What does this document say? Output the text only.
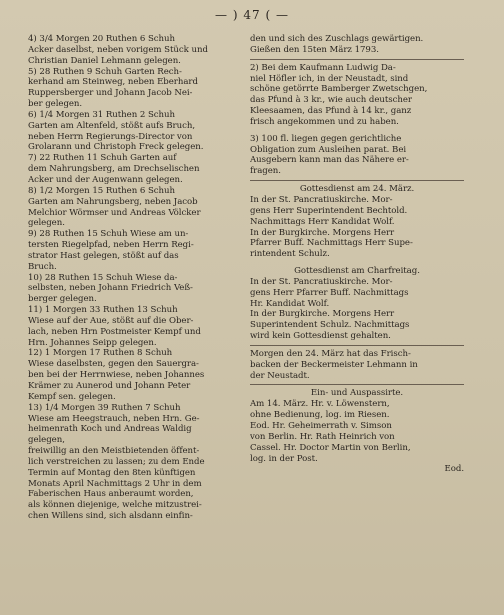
— ) 47 ( —
4) 3/4 Morgen 20 Ruthen 6 Schuh
Acker daselbst, neben vorigem Stück und
Christian Daniel Lehmann gelegen.
5) 28 Ruthen 9 Schuh Garten Rech-
kerhand am Steinweg, neben Eberhard
Ruppersberger und Johann Jacob Nei-
ber gelegen.
6) 1/4 Morgen 31 Ruthen 2 Schuh
Garten am Altenfeld, stößt aufs Bruch,
neben Herrn Regierungs-Director von
Grolarann und Christoph Freck gelegen.
7) 22 Ruthen 11 Schuh Garten auf
dem Nahrungsberg, am Drechselischen
Acker und der Augenwann gelegen.
8) 1/2 Morgen 15 Ruthen 6 Schuh
Garten am Nahrungsberg, neben Jacob
Melchior Wörmser und Andreas Völcker
gelegen.
9) 28 Ruthen 15 Schuh Wiese am un-
tersten Riegelpfad, neben Herrn Regi-
strator Hast gelegen, stößt auf das
Bruch.
10) 28 Ruthen 15 Schuh Wiese da-
selbsten, neben Johann Friedrich Veß-
berger gelegen.
11) 1 Morgen 33 Ruthen 13 Schuh
Wiese auf der Aue, stößt auf die Ober-
lach, neben Hrn Postmeister Kempf und
Hrn. Johannes Seipp gelegen.
12) 1 Morgen 17 Ruthen 8 Schuh
Wiese daselbsten, gegen den Sauergra-
ben bei der Herrnwiese, neben Johannes
Krämer zu Aunerod und Johann Peter
Kempf sen. gelegen.
13) 1/4 Morgen 39 Ruthen 7 Schuh
Wiese am Heegstrauch, neben Hrn. Ge-
heimenrath Koch und Andreas Waldig
gelegen,
freiwillig an den Meistbietenden öffent-
lich verstreichen zu lassen; zu dem Ende
Termin auf Montag den 8ten künftigen
Monats April Nachmittags 2 Uhr in dem
Faberischen Haus anberaumt worden,
als können diejenige, welche mitzustrei-
chen Willens sind, sich alsdann einfin-
den und sich des Zuschlags gewärtigen.
Gießen den 15ten März 1793.
2) Bei dem Kaufmann Ludwig Da-
niel Höfler ich, in der Neustadt, sind
schöne getörrte Bamberger Zwetschgen,
das Pfund à 3 kr., wie auch deutscher
Kleesaamen, das Pfund à 14 kr., ganz
frisch angekommen und zu haben.
3) 100 fl. liegen gegen gerichtliche
Obligation zum Ausleihen parat. Bei
Ausgebern kann man das Nähere er-
fragen.
Gottesdienst am 24. März.
In der St. Pancratiuskirche. Mor-
gens Herr Superintendent Bechtold.
Nachmittags Herr Kandidat Wolf.
In der Burgkirche. Morgens Herr
Pfarrer Buff. Nachmittags Herr Supe-
rintendent Schulz.
Gottesdienst am Charfreitag.
In der St. Pancratiuskirche. Mor-
gens Herr Pfarrer Buff. Nachmittags
Hr. Kandidat Wolf.
In der Burgkirche. Morgens Herr
Superintendent Schulz. Nachmittags
wird kein Gottesdienst gehalten.
Morgen den 24. März hat das Frisch-
backen der Beckermeister Lehmann in
der Neustadt.
Ein- und Auspassirte.
Am 14. März. Hr. v. Löwenstern,
ohne Bedienung, log. im Riesen.
Eod. Hr. Geheimerrath v. Simson
von Berlin. Hr. Rath Heinrich von
Cassel. Hr. Doctor Martin von Berlin,
log. in der Post.
Eod.
